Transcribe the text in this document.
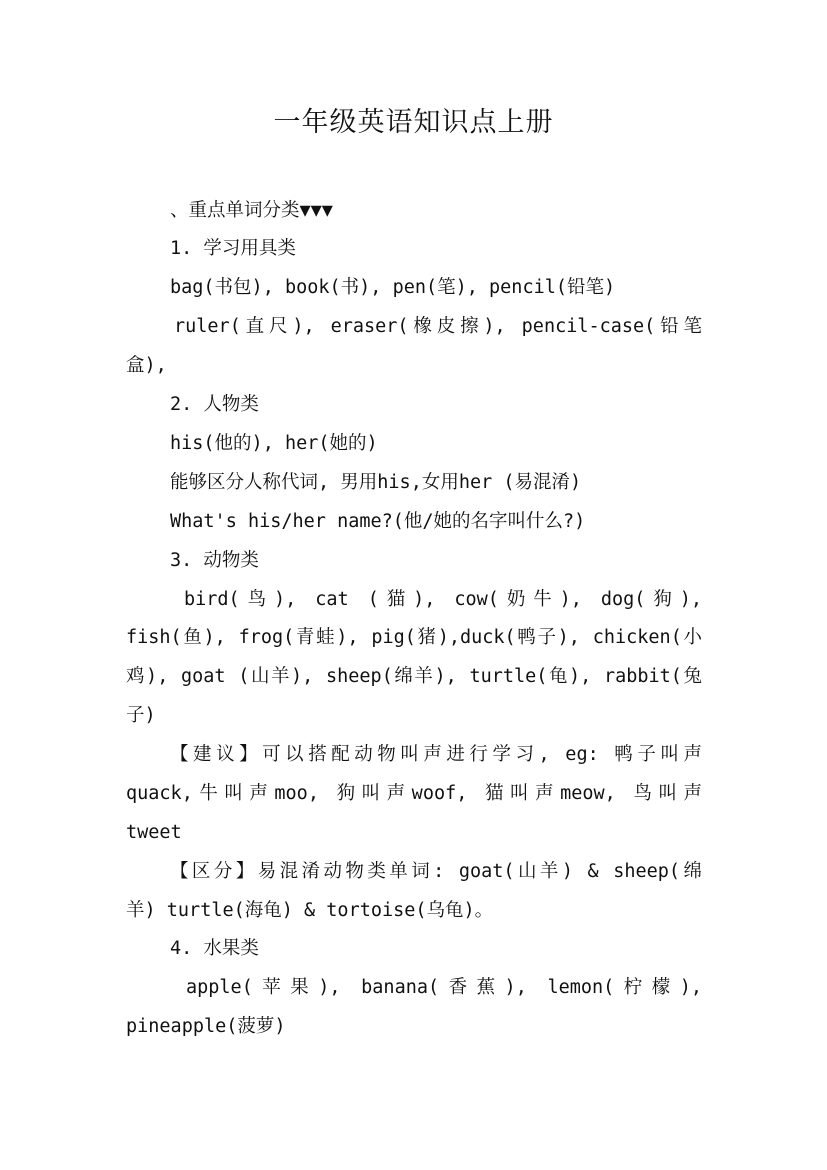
一年级英语知识点上册
、重点单词分类▼▼▼
1. 学习用具类
bag(书包), book(书), pen(笔), pencil(铅笔)
ruler(直尺), eraser(橡皮擦), pencil-case(铅笔
盒),
2. 人物类
his(他的), her(她的)
能够区分人称代词, 男用his,女用her (易混淆)
What's his/her name?(他/她的名字叫什么?)
3. 动物类
bird(鸟), cat (猫), cow(奶牛), dog(狗),
fish(鱼), frog(青蛙), pig(猪),duck(鸭子), chicken(小
鸡), goat (山羊), sheep(绵羊), turtle(龟), rabbit(兔
子)
【建议】可以搭配动物叫声进行学习, eg: 鸭子叫声
quack,牛叫声moo, 狗叫声woof, 猫叫声meow, 鸟叫声
tweet
【区分】易混淆动物类单词: goat(山羊) & sheep(绵
羊) turtle(海龟) & tortoise(乌龟)。
4. 水果类
apple(苹果), banana(香蕉), lemon(柠檬),
pineapple(菠萝)
